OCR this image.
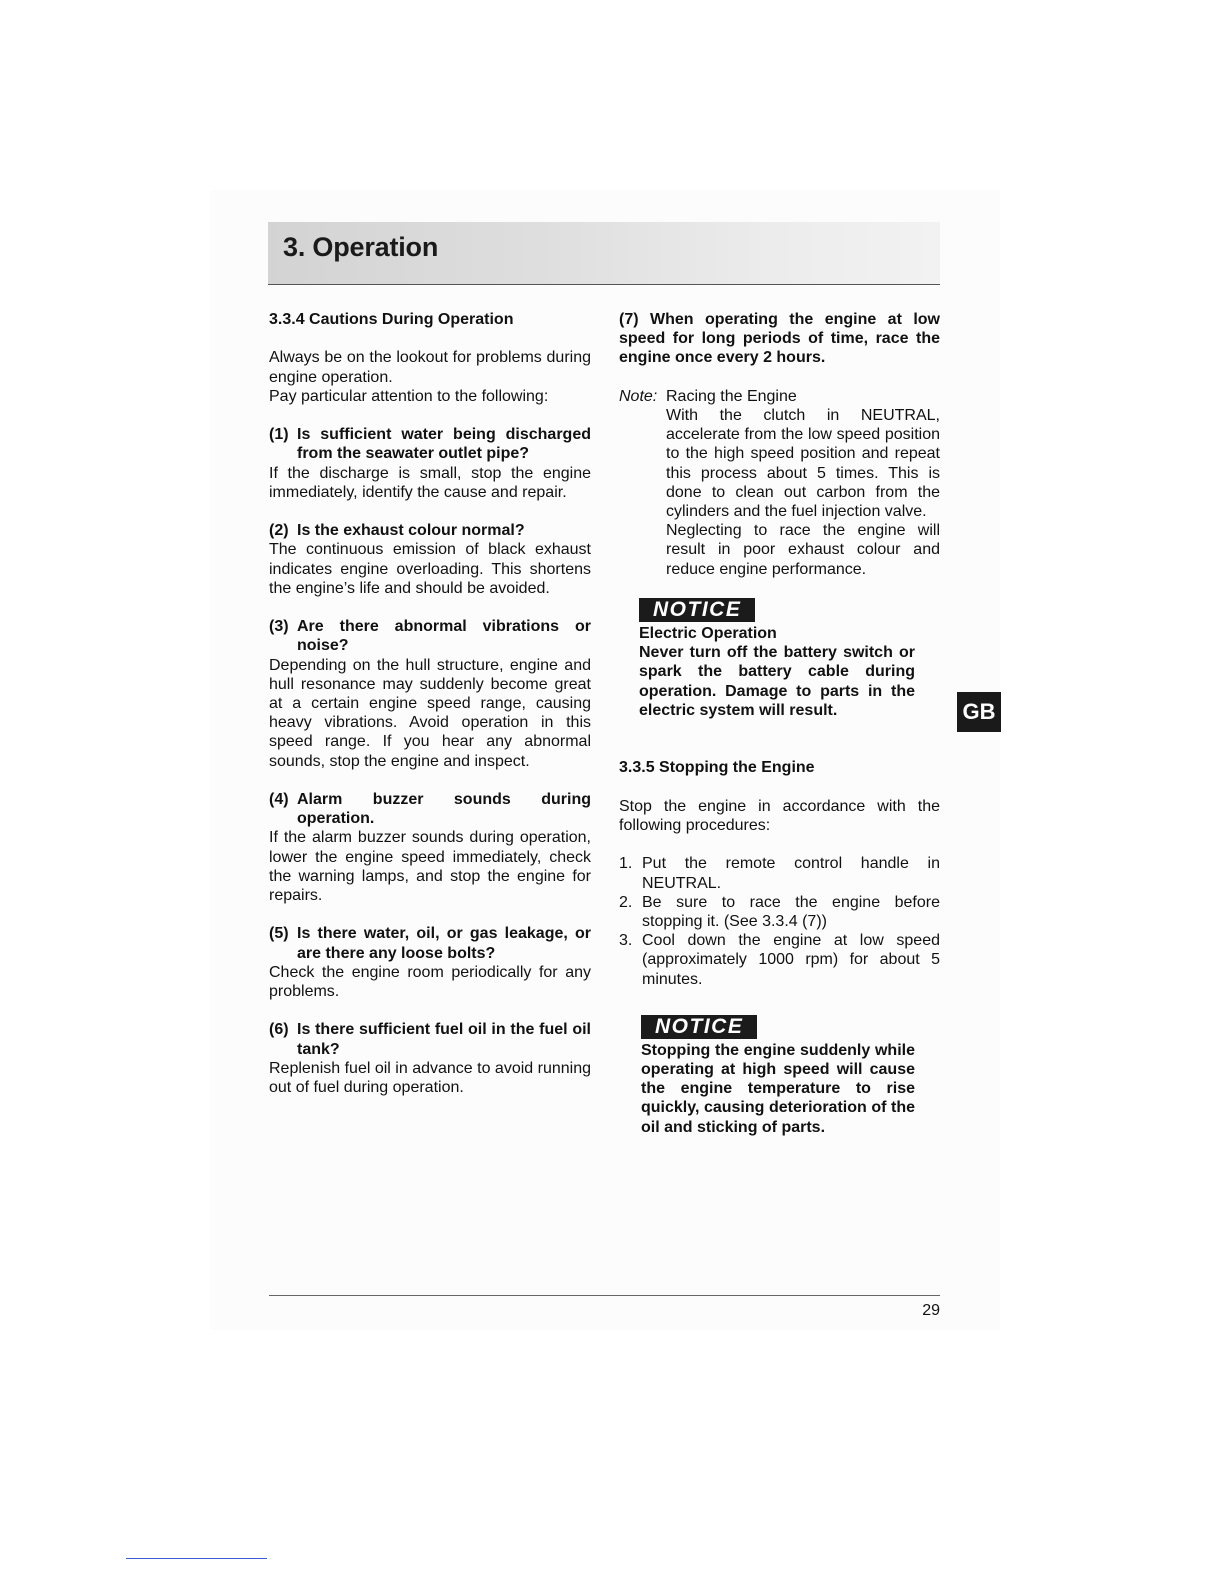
3. Operation
3.3.4 Cautions During Operation

Always be on the lookout for problems during engine operation.

Pay particular attention to the following:

(1) Is sufficient water being discharged from the seawater outlet pipe?

If the discharge is small, stop the engine immediately, identify the cause and repair.

(2) Is the exhaust colour normal?

The continuous emission of black exhaust indicates engine overloading. This shortens the engine’s life and should be avoided.

(3) Are there abnormal vibrations or noise?

Depending on the hull structure, engine and hull resonance may suddenly become great at a certain engine speed range, causing heavy vibrations. Avoid operation in this speed range. If you hear any abnormal sounds, stop the engine and inspect.

(4) Alarm buzzer sounds during operation.

If the alarm buzzer sounds during operation, lower the engine speed immediately, check the warning lamps, and stop the engine for repairs.

(5) Is there water, oil, or gas leakage, or are there any loose bolts?

Check the engine room periodically for any problems.

(6) Is there sufficient fuel oil in the fuel oil tank?

Replenish fuel oil in advance to avoid running out of fuel during operation.

(7) When operating the engine at low speed for long periods of time, race the engine once every 2 hours.
Note: Racing the Engine

With the clutch in NEUTRAL, accelerate from the low speed position to the high speed position and repeat this process about 5 times. This is done to clean out carbon from the cylinders and the fuel injection valve.

Neglecting to race the engine will result in poor exhaust colour and reduce engine performance.

NOTICE
Electric Operation
Never turn off the battery switch or spark the battery cable during operation. Damage to parts in the electric system will result.
3.3.5 Stopping the Engine

Stop the engine in accordance with the following procedures:

1. Put the remote control handle in NEUTRAL.
2. Be sure to race the engine before stopping it. (See 3.3.4 (7))
3. Cool down the engine at low speed (approximately 1000 rpm) for about 5 minutes.
NOTICE
Stopping the engine suddenly while operating at high speed will cause the engine temperature to rise quickly, causing deterioration of the oil and sticking of parts.
GB
29
